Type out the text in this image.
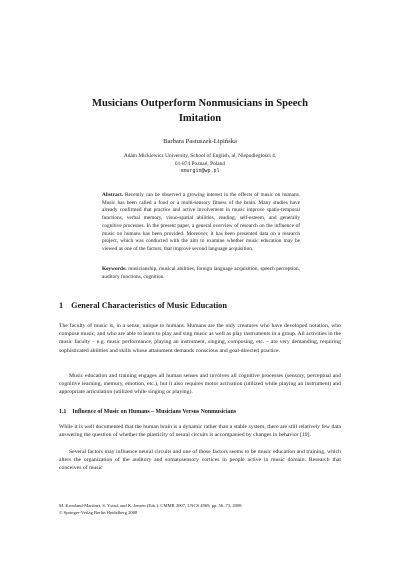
Musicians Outperform Nonmusicians in Speech
Imitation

Barbara Pastuszek-Lipińska

Adam Mickiewicz University, School of English, al. Niepodległości 4,
61-874 Poznań, Poland
smurgin@wp.pl

Abstract. Recently can be observed a growing interest in the effects of music on humans. Music has been called a food or a multi-sensory fitness of the brain. Many studies have already confirmed that practice and active involvement in music improve spatio-temporal functions, verbal memory, visuo-spatial abilities, reading, self-esteem, and generally cognitive processes. In the present paper, a general overview of research on the influence of music on humans has been provided. Moreover, it has been presented data on a research project, which was conducted with the aim to examine whether music education may be viewed as one of the factors, that improve second language acquisition.

Keywords: musicianship, musical abilities, foreign language acquisition, speech perception, auditory functions, cognition.

1 General Characteristics of Music Education

The faculty of music is, in a sense, unique to humans. Humans are the only creatures who have developed notation, who compose music, and who are able to learn to play and sing music as well as play instruments in a group. All activities in the music faculty – e.g. music performance, playing an instrument, singing, composing, etc. – are very demanding, requiring sophisticated abilities and skills whose attainment demands conscious and goal-directed practice.

Music education and training engages all human senses and involves all cognitive processes (sensory, perceptual and cognitive learning, memory, emotion, etc.), but it also requires motor activation (utilized while playing an instrument) and appropriate articulation (utilized while singing or playing).

1.1 Influence of Music on Humans – Musicians Versus Nonmusicians

While it is well documented that the human brain is a dynamic rather than a stable system, there are still relatively few data answering the question of whether the plasticity of neural circuits is accompanied by changes in behavior [19].

Several factors may influence neural circuits and one of those factors seems to be music education and training, which alters the organization of the auditory and somatosensory cortices in people active in music domain. Research that conceives of music

M. Kronland-Martinet, S. Ystad, and K. Jensen (Eds.): CMMR 2007, LNCS 4969, pp. 56–73, 2008.
© Springer-Verlag Berlin Heidelberg 2008
